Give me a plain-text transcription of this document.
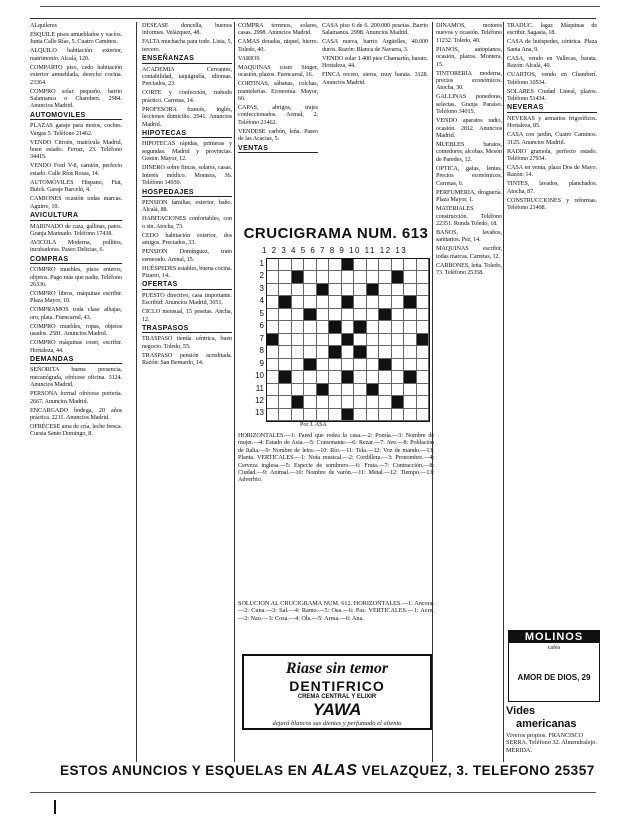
ALquileres

ESQUILE pisos amueblados y vacíos. Junta Calle Rías, 5. Cuatro Caminos.

ALQUILO habitación exterior, matrimonio. Alcalá, 120.

COMPARTO piso, cedo habitación exterior amueblada, derecho cocina. 23364.

COMPRO solar pequeño, barrio Salamanca o Chamberí. 2984. Anuncios Madrid.

AUTOMOVILES

PLAZAS garaje para motos, coches. Vargas 5. Teléfono 21462.

VENDO Citroën, matrícula Madrid, buen estado. Ferraz, 23. Teléfono 34415.

VENDO Ford V-8, camión, perfecto estado. Calle Ríos Rosas, 14.

AUTOMÓVILES Hispano, Fiat, Buick. Garaje Barceló, 4.

CAMIONES ocasión todas marcas. Aguirre, 10.

AVICULTURA

MARINADO de caza, gallinas, patos. Granja Marinado. Teléfono 17438.

AVICOLA Moderna, pollitos, incubadoras. Paseo Delicias, 6.

COMPRAS

COMPRO muebles, pisos enteros, objetos. Pago más que nadie. Teléfono 26336.

COMPRO libros, máquinas escribir. Plaza Mayor, 10.

COMPRAMOS toda clase alhajas, oro, plata. Fuencarral, 43.

COMPRO muebles, ropas, objetos usados. 2581. Anuncios Madrid.

COMPRO máquinas coser, escribir. Hortaleza, 44.

DEMANDAS

SEÑORITA buena presencia, mecanógrafa, ofrécese oficina. 3124. Anuncios Madrid.

PERSONA formal ofrécese porteria. 2667. Anuncios Madrid.

ENCARGADO bodega, 20 años práctica. 2211. Anuncios Madrid.

OFRÉCESE ama de cría, leche fresca. Cuesta Santo Domingo, 8.

DESEASE doncella, buenos informes. Velázquez, 48.

FALTA muchacha para todo. Lista, 5, tercero.

ENSEÑANZAS

ACADEMIA Cervantes, contabilidad, taquigrafía, idiomas. Preciados, 23.

CORTE y confección, método práctico. Carretas, 14.

PROFESORA francés, inglés, lecciones domicilio. 2941. Anuncios Madrid.

HIPOTECAS

HIPOTECAS rápidas, primeras y segundas. Madrid y provincias. Gestor. Mayor, 12.

DINERO sobre fincas, solares, casas. Interés módico. Montera, 36. Teléfono 14930.

HOSPEDAJES

PENSION familiar, exterior, baño. Alcalá, 88.

HABITACIONES confortables, con o sin. Atocha, 73.

CEDO habitación exterior, dos amigos. Preciados, 33.

PENSION Domínguez, trato esmerado. Arenal, 15.

HUÉSPEDES estables, buena cocina. Pizarro, 14.

OFERTAS

PUESTO directivo, casa importante. Escribid: Anuncios Madrid, 3051.

CICLO mensual, 15 pesetas. Ancha, 12.

TRASPASOS

TRASPASO tienda céntrica, buen negocio. Toledo, 55.

TRASPASO pensión acreditada. Razón: San Bernardo, 14.

COMPRA terrenos, solares, casas. 2998. Anuncios Madrid.

CAMAS doradas, niquel, hierro. Toledo, 40.

VARIOS

MAQUINAS coser Singer, ocasión, plazos. Fuencarral, 16.

CORTINAS, sábanas, colchas, mantelerías. Economía. Mayor, 66.

CAPAS, abrigos, trajes confeccionados. Arenal, 2. Teléfono 21462.

VENDESE carbón, leña. Paseo de las Acacias, 5.

VENTAS

CASA piso 6 de 6. 200.000 pesetas. Barrio Salamanca. 2998. Anuncios Madrid.

CASA nueva, barrio Argüelles, 40.000 duros. Razón: Blanca de Navarra, 3.

VENDO solar 1.400 pies Chamartín, barato. Hortaleza, 44.

FINCA recreo, sierra, muy barata. 3128. Anuncios Madrid.

DINAMOS, motores nuevos y ocasión. Teléfono 11232. Toledo, 40.

PIANOS, autopianos, ocasión, plazos. Montera, 15.

TINTORERIA moderna, precios económicos. Atocha, 30.

GALLINAS ponedoras, selectas. Granja Paraíso. Teléfono 34015.

VENDO aparatos radio, ocasión. 2812. Anuncios Madrid.

MUEBLES baratos, comedores, alcobas. Mesón de Paredes, 12.

OPTICA, gafas, lentes. Precios económicos. Carretas, 6.

PERFUMERIA, droguería. Plaza Mayor, 1.

MATERIALES construcción. Teléfono 22351. Ronda Toledo, 18.

BAÑOS, lavabos, sanitarios. Pez, 14.

MAQUINAS escribir, todas marcas. Carretas, 12.

CARBONES, leña. Toledo, 73. Teléfono 25358.

TRADUC. lagar. Máquinas de escribir. Sagasta, 18.

CASA de huéspedes, céntrica. Plaza Santa Ana, 9.

CASA, vendo en Vallecas, barata. Razón: Alcalá, 40.

CUARTOS, vendo en Chamberí. Teléfono 10534.

SOLARES Ciudad Lineal, plazos. Teléfono 51434.

NEVERAS

NEVERAS y armarios frigoríficos. Hortaleza, 85.

CASA con jardín, Cuatro Caminos. 3125. Anuncios Madrid.

RADIO gramola, perfecto estado. Teléfono 27934.

CASA en venta, plaza Dos de Mayo. Razón: 14.

TINTES, lavados, planchados. Atocha, 87.

CONSTRUCCIONES y reformas. Teléfono 21408.

CRUCIGRAMA NUM. 613
1 2 3 4 5 6 7 8 9 10 11 12 13
1
2
3
4
5
6
7
8
9
10
11
12
13
Por J. ASA

HORIZONTALES.—1: Pared que rodea la casa.—2: Poesía.—3: Nombre de mujer.—4: Estado de Asia.—5: Consonante.—6: Rezar.—7: Ave.—8: Población de Italia.—9: Nombre de letra.—10: Río.—11: Tela.—12: Voz de mando.—13: Planta. VERTICALES.—1: Nota musical.—2: Cordillera.—3: Pronombre.—4: Cerveza inglesa.—5: Especie de sombrero.—6: Fruta.—7: Contracción.—8: Ciudad.—9: Animal.—10: Nombre de varón.—11: Metal.—12: Tiempo.—13: Adverbio.

SOLUCION AL CRUCIGRAMA NUM. 612. HORIZONTALES.—1: Ancora.—2: Cuna.—3: Sal.—4: Ramo.—5: Osa.—6: Paz. VERTICALES.—1: Acre.—2: Nao.—3: Cosa.—4: Ola.—5: Arma.—6: Ana.
Riase sin temor
DENTIFRICO
CREMA CENTRAL Y ELIXIR
YAWA
dejará blancos sus dientes y perfumado el aliento
MOLINOS
cafés
AMOR DE DIOS, 29
Vides
americanas
Viveros propios. FRANCISCO SERRA. Teléfono 32. Almendralejo. MÉRIDA.
ESTOS ANUNCIOS Y ESQUELAS EN ALAS VELAZQUEZ, 3. TELEFONO 25357
